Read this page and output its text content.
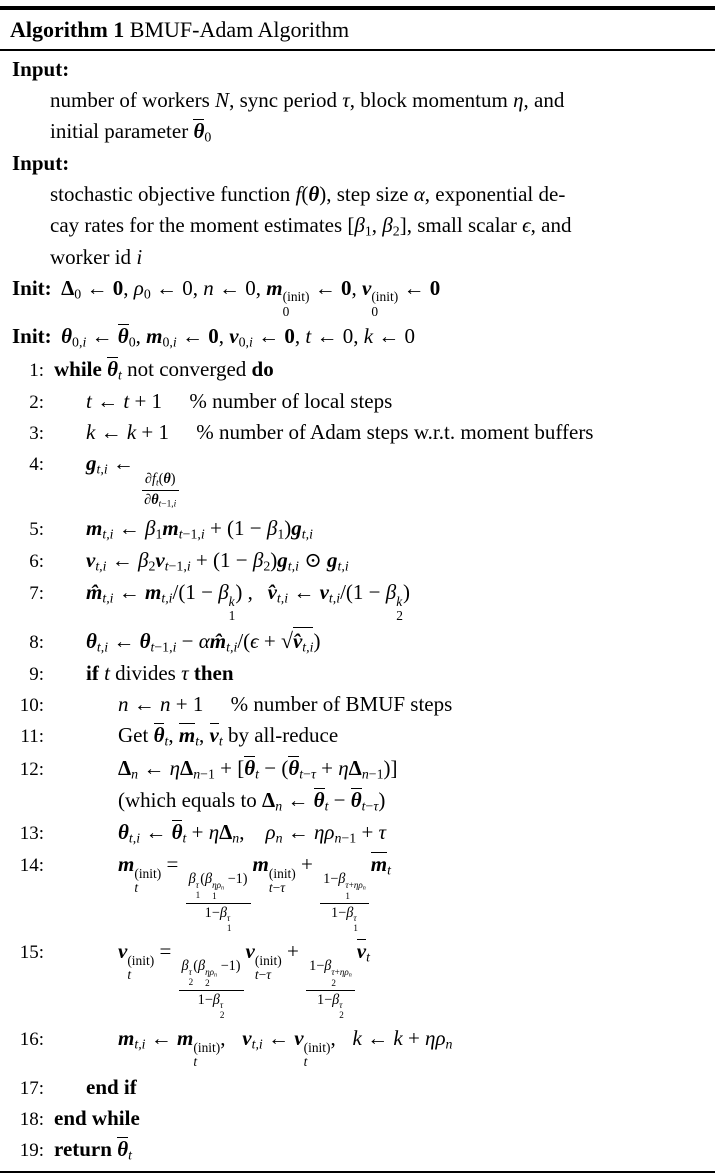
Algorithm 1 BMUF-Adam Algorithm
Input:
number of workers N, sync period τ, block momentum η, and
initial parameter θ0
Input:
stochastic objective function f(θ), step size α, exponential de-
cay rates for the moment estimates [β1, β2], small scalar ϵ, and
worker id i
Init: Δ0 ← 0, ρ0 ← 0, n ← 0, m (init)
0
← 0, v (init)
0
← 0
Init: θ0,i ← θ0, m0,i ← 0, v0,i ← 0, t ← 0, k ← 0
1: while θt not converged do
2:	t ← t + 1 % number of local steps
3:	k ← k + 1 % number of Adam steps w.r.t. moment buffers
4:	gt,i ←
$\frac{\partial ft(\theta)}{\partial\theta t-1,i}$
5:	mt,i ← β1mt−1,i + (1 − β1)gt,i
6:	vt,i ← β2vt−1,i + (1 − β2)gt,i ⊙ gt,i
7:	m̂t,i ← mt,i/(1 − β k
1
) , v̂t,i ← vt,i/(1 − β k
2
)
8:	θt,i ← θt−1,i − αm̂t,i/(ϵ + √v̂t,i)
9:	if t divides τ then
10:	n ← n + 1 % number of BMUF steps
11:	Get θt, mt, vt by all-reduce
12:	Δn ← ηΔn−1 + [θt − (θt−τ + ηΔn−1)]
(which equals to Δn ← θt − θt−τ)
13:	θt,i ← θt + ηΔn, ρn ← ηρn−1 + τ
14:	m (init)
t
=
β τ
1
(β ηρn
1
−1)
1−β τ
1
m (init)
t−τ
+
1−β τ+ηρn
1
1−β τ
1
mt
15:	v (init)
t
=
β τ
2
(β ηρn
2
−1)
1−β τ
2
v (init)
t−τ
+
1−β τ+ηρn
2
1−β τ
2
vt
16:	mt,i ← m (init)
t
, vt,i ← v (init)
t
, k ← k + ηρn
17:	end if
18: end while
19: return θt
